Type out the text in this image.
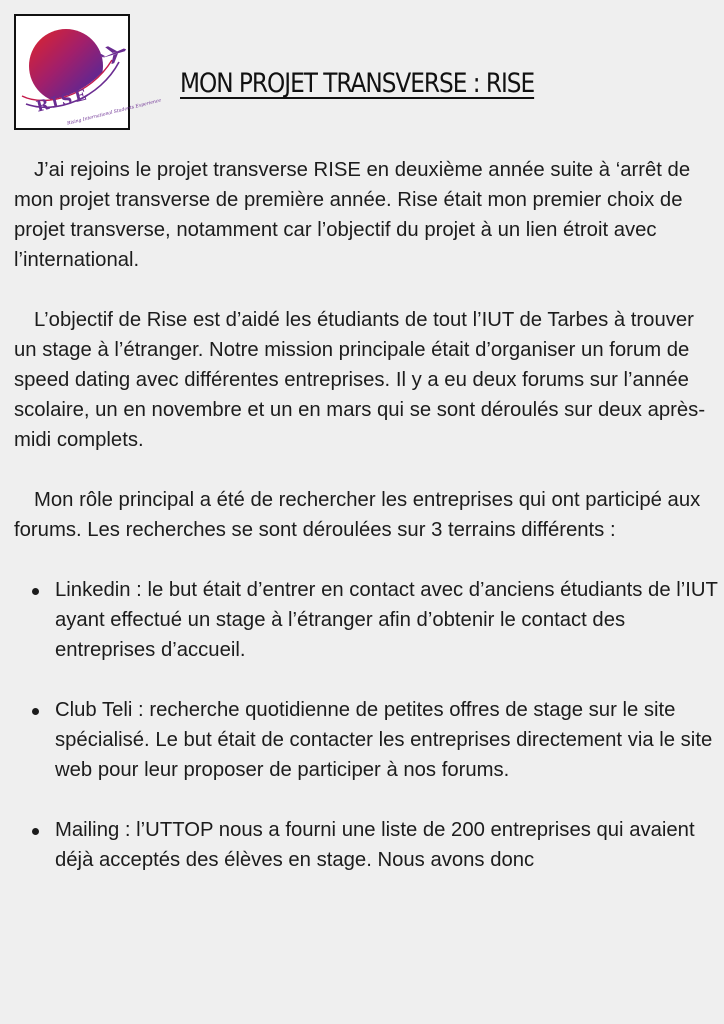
RISE
Rising International Students Experience
MON PROJET TRANSVERSE : RISE

J’ai rejoins le projet transverse RISE en deuxième année suite à ‘arrêt de mon projet transverse de première année. Rise était mon premier choix de projet transverse, notamment car l’objectif du projet à un lien étroit avec l’international.

L’objectif de Rise est d’aidé les étudiants de tout l’IUT de Tarbes à trouver un stage à l’étranger. Notre mission principale était d’organiser un forum de speed dating avec différentes entreprises. Il y a eu deux forums sur l’année scolaire, un en novembre et un en mars qui se sont déroulés sur deux après-midi complets.

Mon rôle principal a été de rechercher les entreprises qui ont participé aux forums. Les recherches se sont déroulées sur 3 terrains différents :

Linkedin : le but était d’entrer en contact avec d’anciens étudiants de l’IUT ayant effectué un stage à l’étranger afin d’obtenir le contact des entreprises d’accueil.
Club Teli : recherche quotidienne de petites offres de stage sur le site spécialisé. Le but était de contacter les entreprises directement via le site web pour leur proposer de participer à nos forums.
Mailing : l’UTTOP nous a fourni une liste de 200 entreprises qui avaient déjà acceptés des élèves en stage. Nous avons donc
